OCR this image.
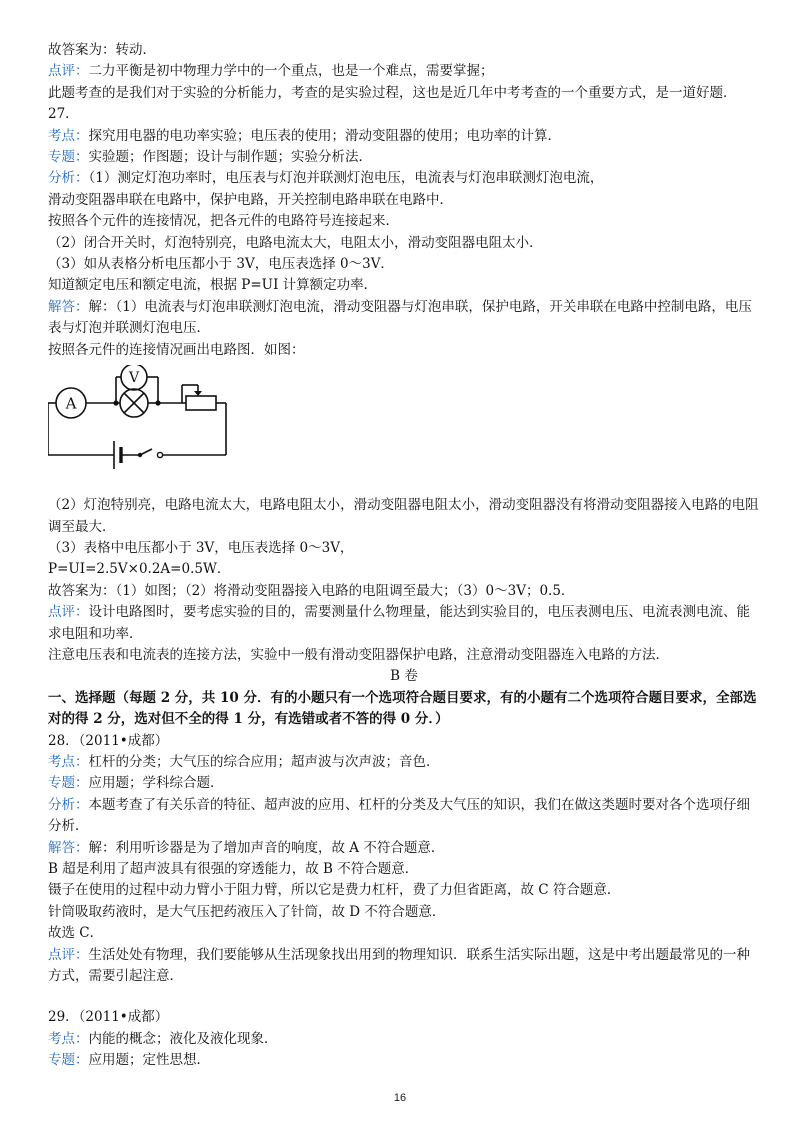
故答案为：转动．

点评：二力平衡是初中物理力学中的一个重点，也是一个难点，需要掌握；

此题考查的是我们对于实验的分析能力，考查的是实验过程，这也是近几年中考考查的一个重要方式，是一道好题．

27．

考点：探究用电器的电功率实验；电压表的使用；滑动变阻器的使用；电功率的计算．

专题：实验题；作图题；设计与制作题；实验分析法．

分析：（1）测定灯泡功率时，电压表与灯泡并联测灯泡电压，电流表与灯泡串联测灯泡电流，

滑动变阻器串联在电路中，保护电路，开关控制电路串联在电路中．

按照各个元件的连接情况，把各元件的电路符号连接起来．

（2）闭合开关时，灯泡特别亮，电路电流太大，电阻太小，滑动变阻器电阻太小．

（3）如从表格分析电压都小于 3V，电压表选择 0～3V．

知道额定电压和额定电流，根据 P=UI 计算额定功率．

解答：解：（1）电流表与灯泡串联测灯泡电流，滑动变阻器与灯泡串联，保护电路，开关串联在电路中控制电路，电压表与灯泡并联测灯泡电压．

按照各元件的连接情况画出电路图．如图：

A
V

（2）灯泡特别亮，电路电流太大，电路电阻太小，滑动变阻器电阻太小，滑动变阻器没有将滑动变阻器接入电路的电阻调至最大．

（3）表格中电压都小于 3V，电压表选择 0～3V，

P=UI=2.5V×0.2A=0.5W．

故答案为：（1）如图；（2）将滑动变阻器接入电路的电阻调至最大；（3）0～3V；0.5．

点评：设计电路图时，要考虑实验的目的，需要测量什么物理量，能达到实验目的，电压表测电压、电流表测电流、能求电阻和功率．

注意电压表和电流表的连接方法，实验中一般有滑动变阻器保护电路，注意滑动变阻器连入电路的方法．

B 卷

一、选择题（每题 2 分，共 10 分．有的小题只有一个选项符合题目要求，有的小题有二个选项符合题目要求，全部选对的得 2 分，选对但不全的得 1 分，有选错或者不答的得 0 分．）

28．（2011•成都）

考点：杠杆的分类；大气压的综合应用；超声波与次声波；音色．

专题：应用题；学科综合题．

分析：本题考查了有关乐音的特征、超声波的应用、杠杆的分类及大气压的知识，我们在做这类题时要对各个选项仔细分析．

解答：解：利用听诊器是为了增加声音的响度，故 A 不符合题意．

B 超是利用了超声波具有很强的穿透能力，故 B 不符合题意．

镊子在使用的过程中动力臂小于阻力臂，所以它是费力杠杆，费了力但省距离，故 C 符合题意．

针筒吸取药液时，是大气压把药液压入了针筒，故 D 不符合题意．

故选 C．

点评：生活处处有物理，我们要能够从生活现象找出用到的物理知识．联系生活实际出题，这是中考出题最常见的一种方式，需要引起注意．

29．（2011•成都）

考点：内能的概念；液化及液化现象．

专题：应用题；定性思想．

16
